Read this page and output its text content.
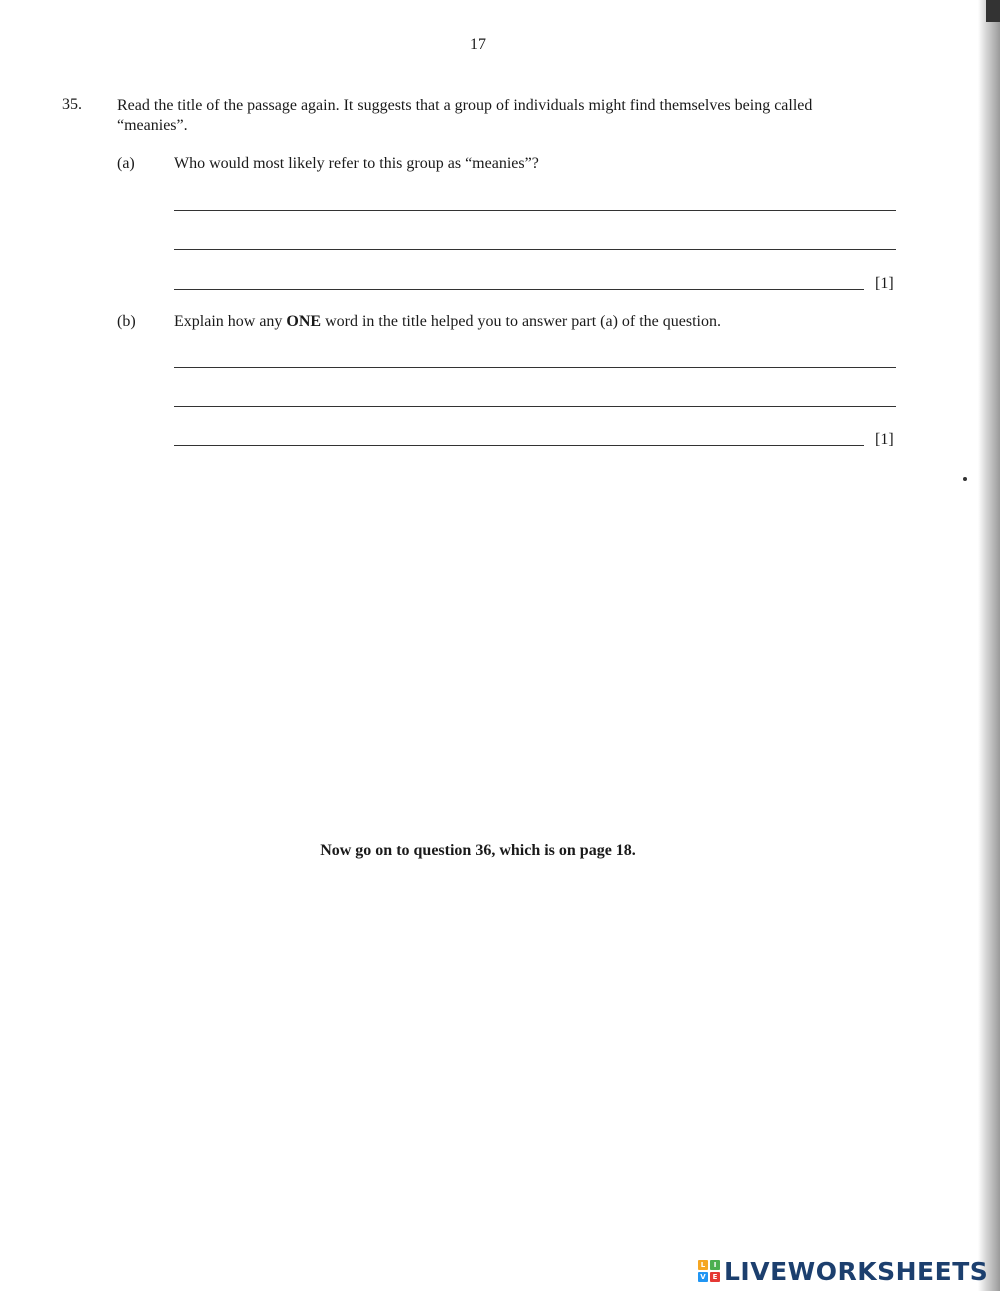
17
35. Read the title of the passage again. It suggests that a group of individuals might find themselves being called
“meanies”.
(a) Who would most likely refer to this group as “meanies”?
[1]
(b) Explain how any ONE word in the title helped you to answer part (a) of the question.
[1]
Now go on to question 36, which is on page 18.
L	I
V E LIVEWORKSHEETS
